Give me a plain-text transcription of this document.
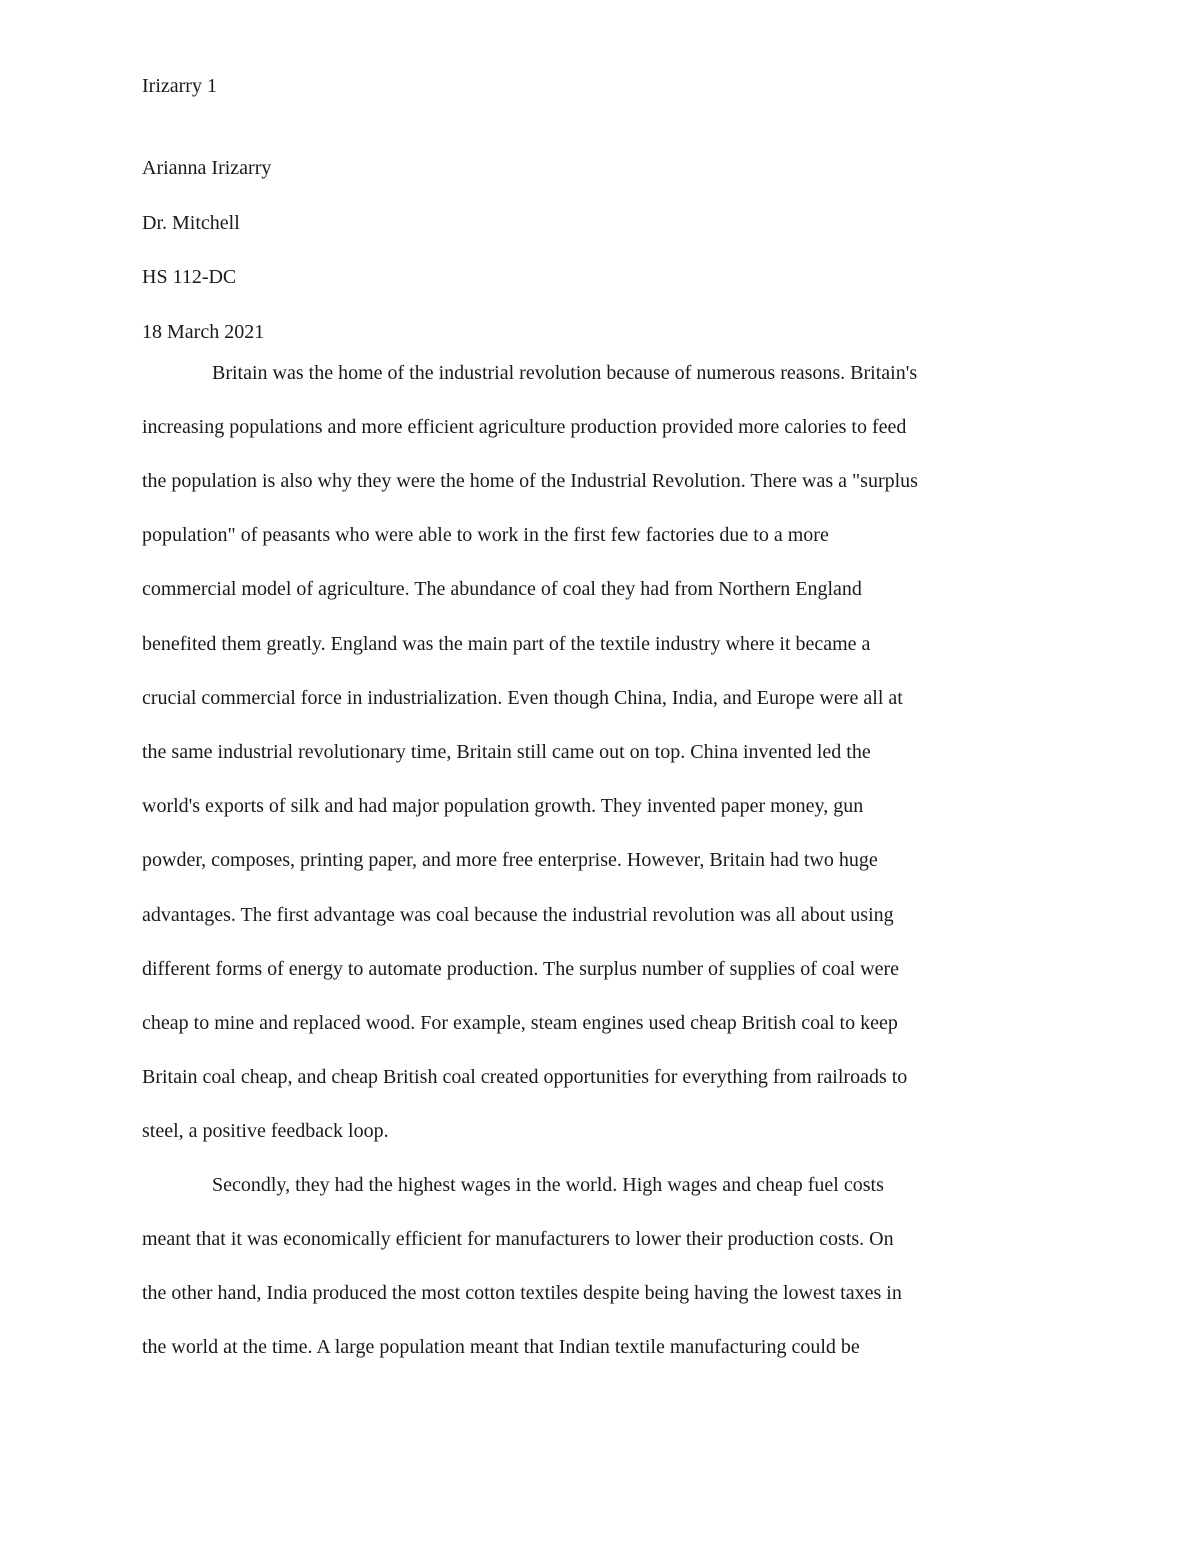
Irizarry 1
Arianna Irizarry
Dr. Mitchell
HS 112-DC
18 March 2021
Britain was the home of the industrial revolution because of numerous reasons. Britain's
increasing populations and more efficient agriculture production provided more calories to feed
the population is also why they were the home of the Industrial Revolution. There was a "surplus
population" of peasants who were able to work in the first few factories due to a more
commercial model of agriculture. The abundance of coal they had from Northern England
benefited them greatly. England was the main part of the textile industry where it became a
crucial commercial force in industrialization. Even though China, India, and Europe were all at
the same industrial revolutionary time, Britain still came out on top. China invented led the
world's exports of silk and had major population growth. They invented paper money, gun
powder, composes, printing paper, and more free enterprise. However, Britain had two huge
advantages. The first advantage was coal because the industrial revolution was all about using
different forms of energy to automate production. The surplus number of supplies of coal were
cheap to mine and replaced wood. For example, steam engines used cheap British coal to keep
Britain coal cheap, and cheap British coal created opportunities for everything from railroads to
steel, a positive feedback loop.
Secondly, they had the highest wages in the world. High wages and cheap fuel costs
meant that it was economically efficient for manufacturers to lower their production costs. On
the other hand, India produced the most cotton textiles despite being having the lowest taxes in
the world at the time. A large population meant that Indian textile manufacturing could be
